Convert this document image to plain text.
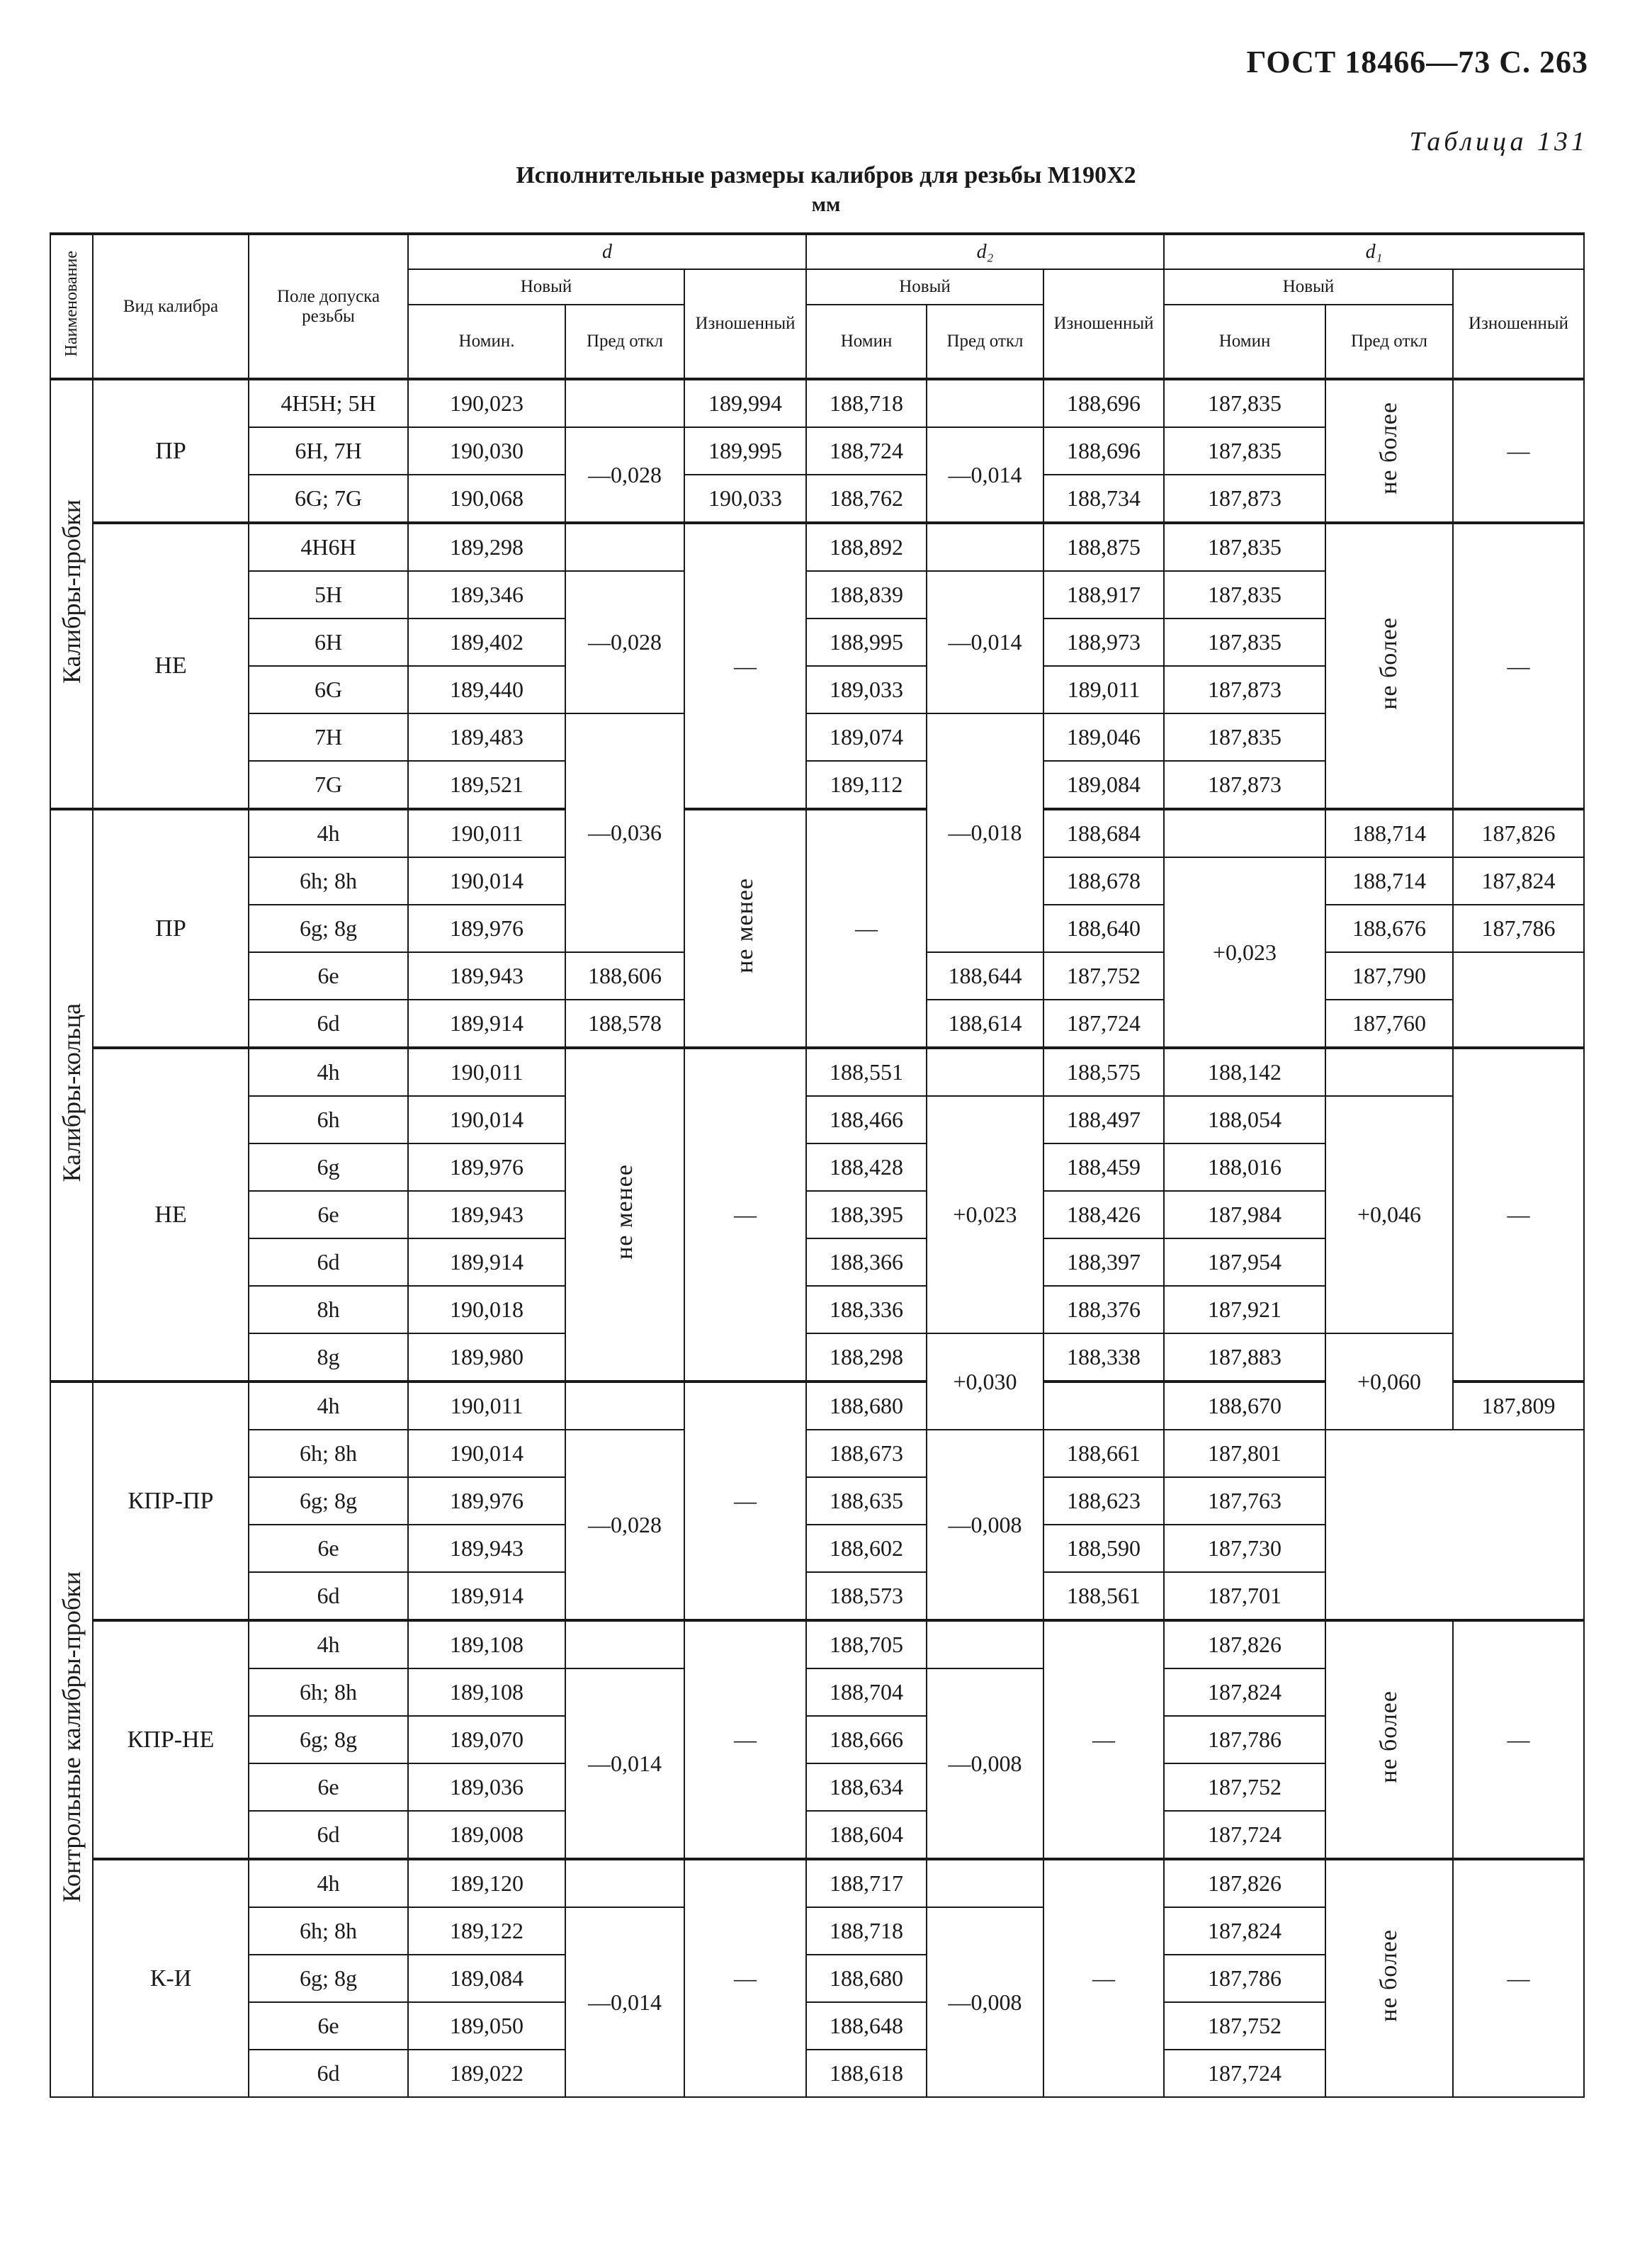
ГОСТ 18466—73 С. 263
Таблица 131
Исполнительные размеры калибров для резьбы М190Х2
мм
Наименование	Вид калибра	Поле допуска резьбы	d			d₂			d₁			
			Новый		Изношенный	Новый		Изношенный	Новый		Изношенный	
			Номин.	Пред откл		Номин	Пред откл		Номин	Пред откл		
Калибры-пробки	ПР	4Н5Н; 5Н	190,023		189,994	188,718		188,696	187,835	не более	—	
		6Н, 7Н	190,030	—0,028	189,995	188,724	—0,014	188,696	187,835			
		6G; 7G	190,068		190,033	188,762		188,734	187,873			
	НЕ	4Н6Н	189,298		—	188,892		188,875	187,835	не более	—	
		5Н	189,346	—0,028		188,839	—0,014	188,917	187,835			
		6Н	189,402			188,995		188,973	187,835			
		6G	189,440			189,033		189,011	187,873			
		7Н	189,483	—0,036		189,074	—0,018	189,046	187,835			
		7G	189,521			189,112		189,084	187,873			
Калибры-кольца	ПР	4h	190,011		не менее	—		188,684		188,714	187,826		
		6h; 8h	190,014					188,678	+0,023	188,714	187,824		
		6g; 8g	189,976					188,640		188,676	187,786	
		6e	189,943	188,606			188,644	187,752		187,790		
		6d	189,914	188,578			188,614	187,724		187,760		
	НЕ	4h	190,011	не менее	—	188,551		188,575	188,142		—	
		6h	190,014			188,466	+0,023	188,497	188,054	+0,046		
		6g	189,976			188,428		188,459	188,016			
		6e	189,943			188,395		188,426	187,984			
		6d	189,914			188,366		188,397	187,954			
		8h	190,018			188,336		188,376	187,921			
		8g	189,980			188,298	+0,030	188,338	187,883	+0,060		
Контрольные калибры-пробки	КПР-ПР	4h	190,011		—	188,680			188,670		187,809		
		6h; 8h	190,014	—0,028		188,673	—0,008	188,661	187,801			
		6g; 8g	189,976			188,635		188,623	187,763			
		6e	189,943			188,602		188,590	187,730			
		6d	189,914			188,573		188,561	187,701			
	КПР-НЕ	4h	189,108		—	188,705		—	187,826	не более	—	
		6h; 8h	189,108	—0,014		188,704	—0,008		187,824			
		6g; 8g	189,070			188,666			187,786			
		6e	189,036			188,634			187,752			
		6d	189,008			188,604			187,724			
	К-И	4h	189,120		—	188,717		—	187,826	не более	—	
		6h; 8h	189,122	—0,014		188,718	—0,008		187,824			
		6g; 8g	189,084			188,680			187,786			
		6e	189,050			188,648			187,752			
		6d	189,022			188,618			187,724			
